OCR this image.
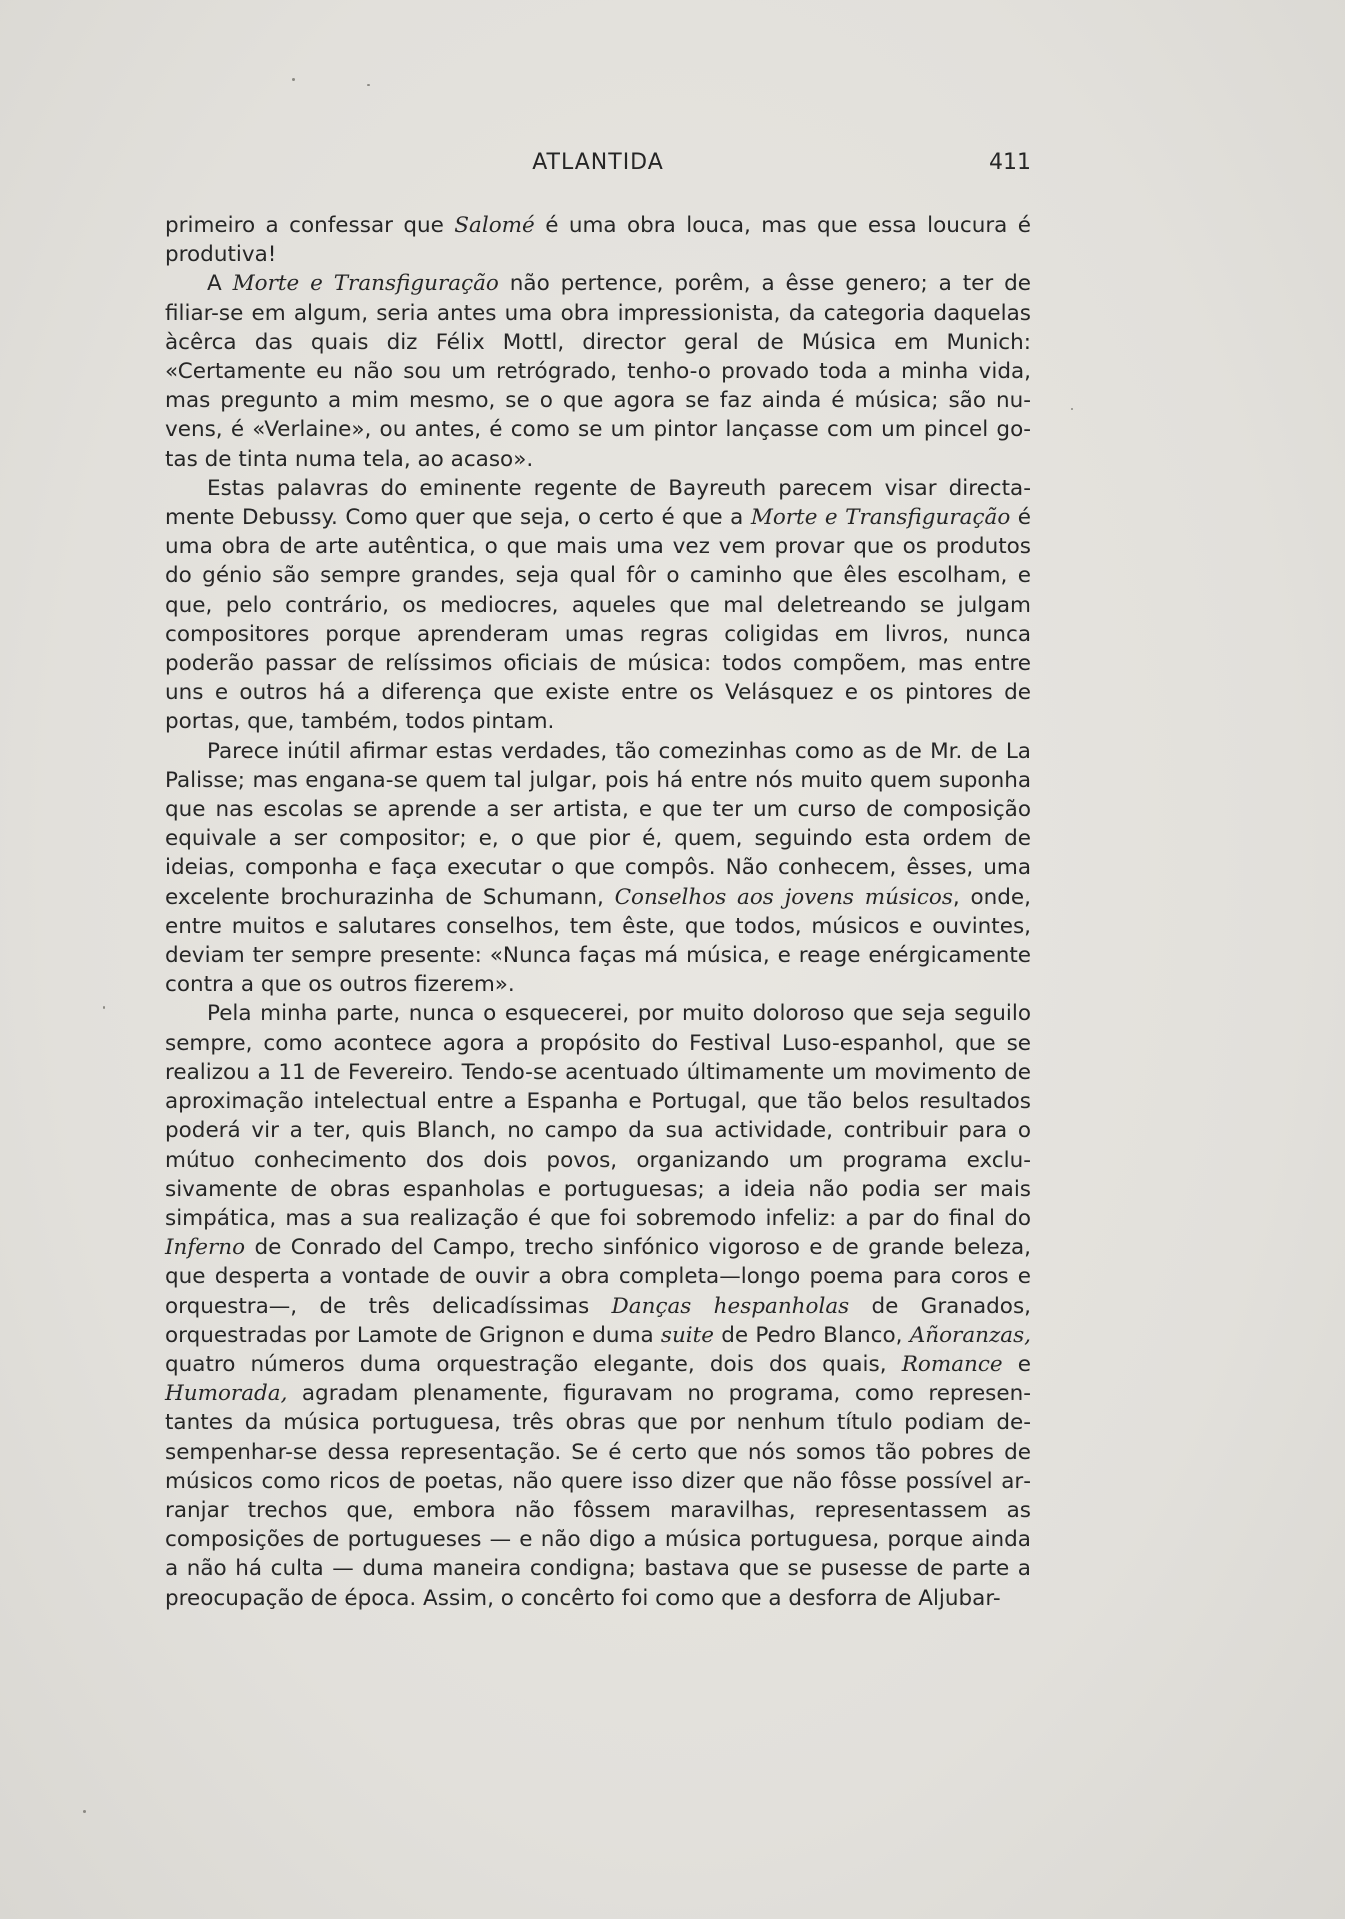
ATLANTIDA	411

primeiro a confessar que Salomé é uma obra louca, mas que essa loucura é produtiva!

A Morte e Transfiguração não pertence, porêm, a êsse genero; a ter de filiar-se em algum, seria antes uma obra impressionista, da categoria daquelas àcêrca das quais diz Félix Mottl, director geral de Música em Munich: «Certamente eu não sou um retrógrado, tenho-o provado toda a minha vida, mas pregunto a mim mesmo, se o que agora se faz ainda é música; são nuvens, é «Verlaine», ou antes, é como se um pintor lançasse com um pincel gotas de tinta numa tela, ao acaso».

Estas palavras do eminente regente de Bayreuth parecem visar directamente Debussy. Como quer que seja, o certo é que a Morte e Transfiguração é uma obra de arte autêntica, o que mais uma vez vem provar que os produtos do génio são sempre grandes, seja qual fôr o caminho que êles escolham, e que, pelo contrário, os mediocres, aqueles que mal deletreando se julgam compositores porque aprenderam umas regras coligidas em livros, nunca poderão passar de relíssimos oficiais de música: todos compõem, mas entre uns e outros há a diferença que existe entre os Velásquez e os pintores de portas, que, também, todos pintam.

Parece inútil afirmar estas verdades, tão comezinhas como as de Mr. de La Palisse; mas engana-se quem tal julgar, pois há entre nós muito quem suponha que nas escolas se aprende a ser artista, e que ter um curso de composição equivale a ser compositor; e, o que pior é, quem, seguindo esta ordem de ideias, componha e faça executar o que compôs. Não conhecem, êsses, uma excelente brochurazinha de Schumann, Conselhos aos jovens músicos, onde, entre muitos e salutares conselhos, tem êste, que todos, músicos e ouvintes, deviam ter sempre presente: «Nunca faças má música, e reage enérgicamente contra a que os outros fizerem».

Pela minha parte, nunca o esquecerei, por muito doloroso que seja seguilo sempre, como acontece agora a propósito do Festival Luso-espanhol, que se realizou a 11 de Fevereiro. Tendo-se acentuado últimamente um movimento de aproximação intelectual entre a Espanha e Portugal, que tão belos resultados poderá vir a ter, quis Blanch, no campo da sua actividade, contribuir para o mútuo conhecimento dos dois povos, organizando um programa exclusivamente de obras espanholas e portuguesas; a ideia não podia ser mais simpática, mas a sua realização é que foi sobremodo infeliz: a par do final do Inferno de Conrado del Campo, trecho sinfónico vigoroso e de grande beleza, que desperta a vontade de ouvir a obra completa—longo poema para coros e orquestra—, de três delicadíssimas Danças hespanholas de Granados, orquestradas por Lamote de Grignon e duma suite de Pedro Blanco, Añoranzas, quatro números duma orquestração elegante, dois dos quais, Romance e Humorada, agradam plenamente, figuravam no programa, como representantes da música portuguesa, três obras que por nenhum título podiam desempenhar-se dessa representação. Se é certo que nós somos tão pobres de músicos como ricos de poetas, não quere isso dizer que não fôsse possível arranjar trechos que, embora não fôssem maravilhas, representassem as composições de portugueses — e não digo a música portuguesa, porque ainda a não há culta — duma maneira condigna; bastava que se pusesse de parte a preocupação de época. Assim, o concêrto foi como que a desforra de Aljubar-
